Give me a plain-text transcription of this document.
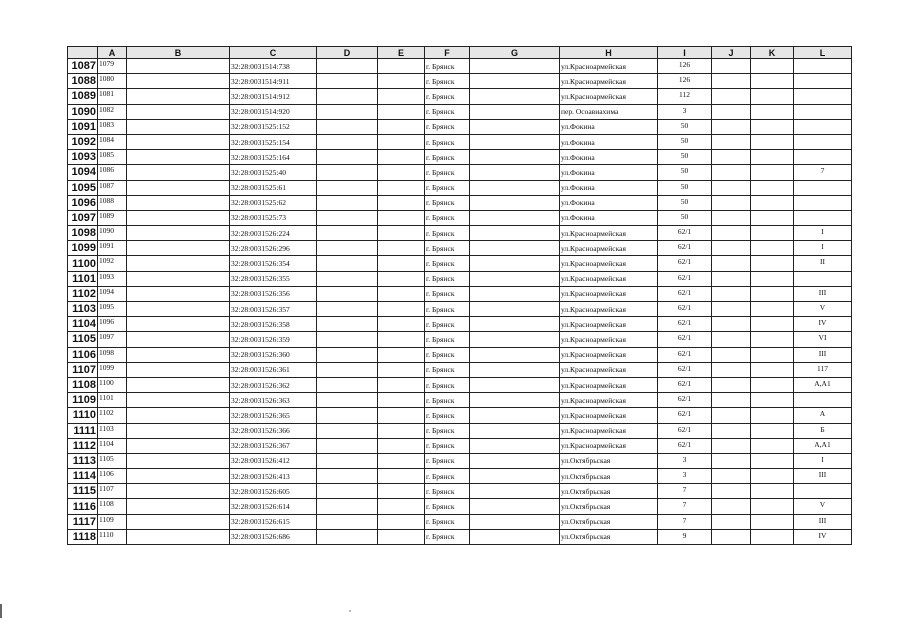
	A	B	C	D	E	F	G	H	I	J	K	L
1087	1079		32:28:0031514:738			г. Брянск		ул.Красноармейская	126			
1088	1080		32:28:0031514:911			г. Брянск		ул.Красноармейская	126			
1089	1081		32:28:0031514:912			г. Брянск		ул.Красноармейская	112			
1090	1082		32:28:0031514:920			г. Брянск		пер. Осоавиахима	3			
1091	1083		32:28:0031525:152			г. Брянск		ул.Фокина	50			
1092	1084		32:28:0031525:154			г. Брянск		ул.Фокина	50			
1093	1085		32:28:0031525:164			г. Брянск		ул.Фокина	50			
1094	1086		32:28:0031525:40			г. Брянск		ул.Фокина	50			7
1095	1087		32:28:0031525:61			г. Брянск		ул.Фокина	50			
1096	1088		32:28:0031525:62			г. Брянск		ул.Фокина	50			
1097	1089		32:28:0031525:73			г. Брянск		ул.Фокина	50			
1098	1090		32:28:0031526:224			г. Брянск		ул.Красноармейская	62/1			I
1099	1091		32:28:0031526:296			г. Брянск		ул.Красноармейская	62/1			I
1100	1092		32:28:0031526:354			г. Брянск		ул.Красноармейская	62/1			II
1101	1093		32:28:0031526:355			г. Брянск		ул.Красноармейская	62/1			
1102	1094		32:28:0031526:356			г. Брянск		ул.Красноармейская	62/1			III
1103	1095		32:28:0031526:357			г. Брянск		ул.Красноармейская	62/1			V
1104	1096		32:28:0031526:358			г. Брянск		ул.Красноармейская	62/1			IV
1105	1097		32:28:0031526:359			г. Брянск		ул.Красноармейская	62/1			VI
1106	1098		32:28:0031526:360			г. Брянск		ул.Красноармейская	62/1			III
1107	1099		32:28:0031526:361			г. Брянск		ул.Красноармейская	62/1			117
1108	1100		32:28:0031526:362			г. Брянск		ул.Красноармейская	62/1			А,А1
1109	1101		32:28:0031526:363			г. Брянск		ул.Красноармейская	62/1			
1110	1102		32:28:0031526:365			г. Брянск		ул.Красноармейская	62/1			А
1111	1103		32:28:0031526:366			г. Брянск		ул.Красноармейская	62/1			Б
1112	1104		32:28:0031526:367			г. Брянск		ул.Красноармейская	62/1			А,А1
1113	1105		32:28:0031526:412			г. Брянск		ул.Октябрьская	3			I
1114	1106		32:28:0031526:413			г. Брянск		ул.Октябрьская	3			III
1115	1107		32:28:0031526:605			г. Брянск		ул.Октябрьская	7			
1116	1108		32:28:0031526:614			г. Брянск		ул.Октябрьская	7			V
1117	1109		32:28:0031526:615			г. Брянск		ул.Октябрьская	7			III
1118	1110		32:28:0031526:686			г. Брянск		ул.Октябрьская	9			IV
